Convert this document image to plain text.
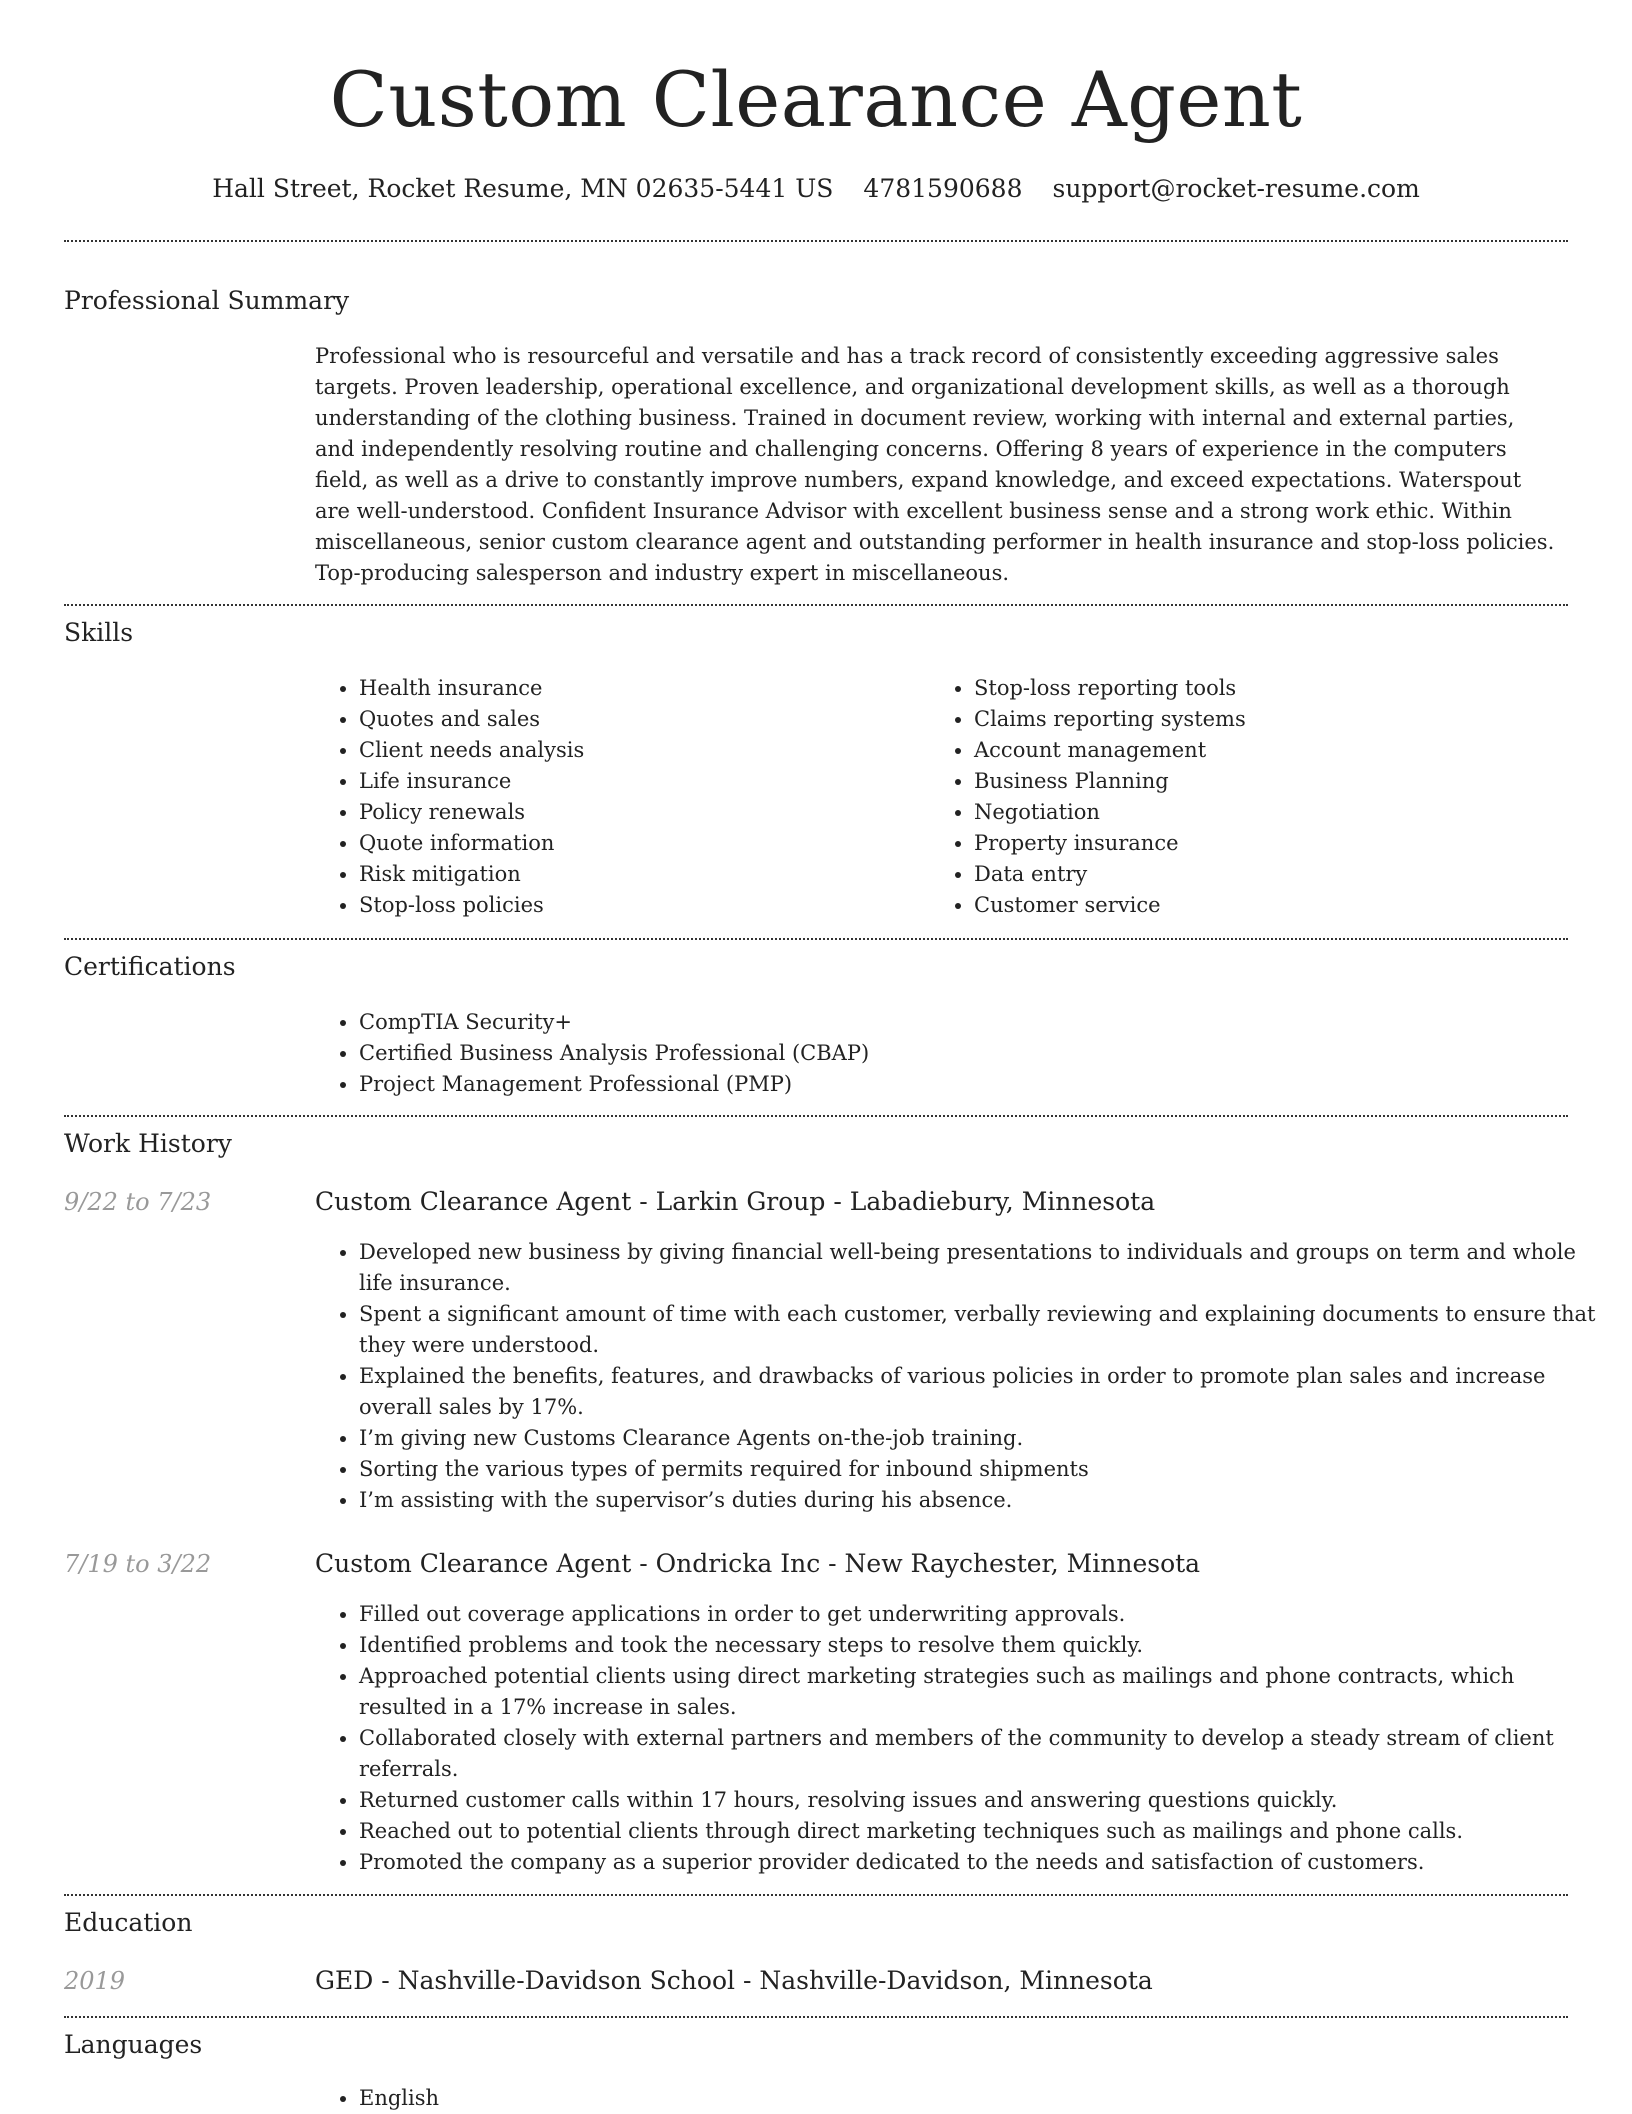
Custom Clearance Agent
Hall Street, Rocket Resume, MN 02635-5441 US 4781590688 support@rocket-resume.com
Professional Summary
Professional who is resourceful and versatile and has a track record of consistently exceeding aggressive sales targets. Proven leadership, operational excellence, and organizational development skills, as well as a thorough understanding of the clothing business. Trained in document review, working with internal and external parties, and independently resolving routine and challenging concerns. Offering 8 years of experience in the computers field, as well as a drive to constantly improve numbers, expand knowledge, and exceed expectations. Waterspout are well-understood. Confident Insurance Advisor with excellent business sense and a strong work ethic. Within miscellaneous, senior custom clearance agent and outstanding performer in health insurance and stop-loss policies. Top-producing salesperson and industry expert in miscellaneous.
Skills
• Health insurance
• Quotes and sales
• Client needs analysis
• Life insurance
• Policy renewals
• Quote information
• Risk mitigation
• Stop-loss policies
• Stop-loss reporting tools
• Claims reporting systems
• Account management
• Business Planning
• Negotiation
• Property insurance
• Data entry
• Customer service
Certifications
• CompTIA Security+
• Certified Business Analysis Professional (CBAP)
• Project Management Professional (PMP)
Work History
9/22 to 7/23	Custom Clearance Agent - Larkin Group - Labadiebury, Minnesota
• Developed new business by giving financial well-being presentations to individuals and groups on term and whole life insurance.
• Spent a significant amount of time with each customer, verbally reviewing and explaining documents to ensure that they were understood.
• Explained the benefits, features, and drawbacks of various policies in order to promote plan sales and increase overall sales by 17%.
• I’m giving new Customs Clearance Agents on-the-job training.
• Sorting the various types of permits required for inbound shipments
• I’m assisting with the supervisor’s duties during his absence.
7/19 to 3/22	Custom Clearance Agent - Ondricka Inc - New Raychester, Minnesota
• Filled out coverage applications in order to get underwriting approvals.
• Identified problems and took the necessary steps to resolve them quickly.
• Approached potential clients using direct marketing strategies such as mailings and phone contracts, which resulted in a 17% increase in sales.
• Collaborated closely with external partners and members of the community to develop a steady stream of client referrals.
• Returned customer calls within 17 hours, resolving issues and answering questions quickly.
• Reached out to potential clients through direct marketing techniques such as mailings and phone calls.
• Promoted the company as a superior provider dedicated to the needs and satisfaction of customers.
Education
2019	GED - Nashville-Davidson School - Nashville-Davidson, Minnesota
Languages
• English
